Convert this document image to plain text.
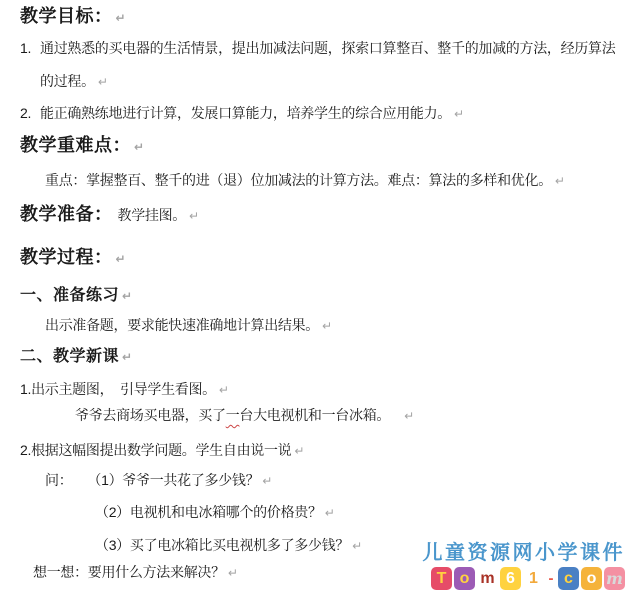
教学目标： ↵
1. 通过熟悉的买电器的生活情景，提出加减法问题，探索口算整百、整千的加减的方法，经历算法
的过程。 ↵
2. 能正确熟练地进行计算，发展口算能力，培养学生的综合应用能力。 ↵
教学重难点： ↵
重点：掌握整百、整千的进（退）位加减法的计算方法。难点：算法的多样和优化。 ↵
教学准备： 教学挂图。 ↵
教学过程： ↵
一、准备练习 ↵
出示准备题，要求能快速准确地计算出结果。 ↵
二、教学新课 ↵
1.出示主题图，　引导学生看图。 ↵
爷爷去商场买电器，买了一台大电视机和一台冰箱。 ↵
2.根据这幅图提出数学问题。学生自由说一说 ↵
问： （1）爷爷一共花了多少钱？ ↵
（2）电视机和电冰箱哪个的价格贵？ ↵
（3）买了电冰箱比买电视机多了多少钱？ ↵
想一想：要用什么方法来解决？ ↵
儿童资源网小学课件
T o m 6 1 - c o m
